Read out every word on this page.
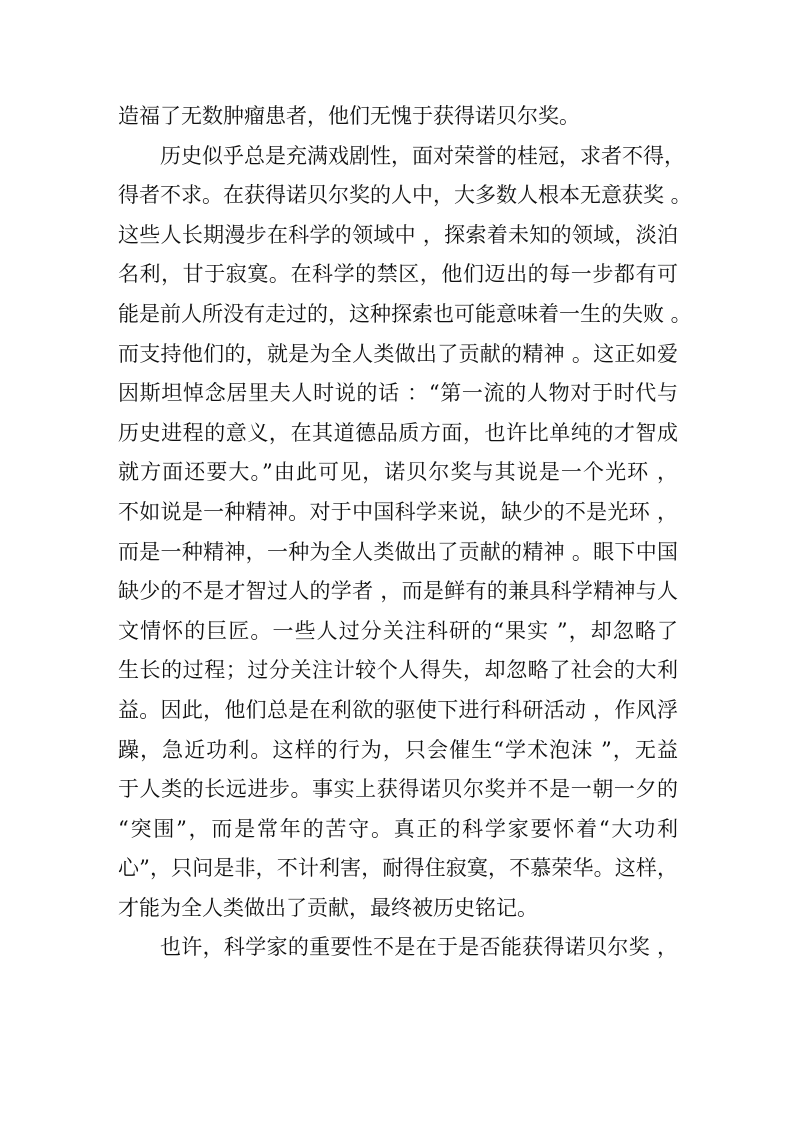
造福了无数肿瘤患者，他们无愧于获得诺贝尔奖。
历史似乎总是充满戏剧性，面对荣誉的桂冠，求者不得，
得者不求。在获得诺贝尔奖的人中，大多数人根本无意获奖 。
这些人长期漫步在科学的领域中 ，探索着未知的领域，淡泊
名利，甘于寂寞。在科学的禁区，他们迈出的每一步都有可
能是前人所没有走过的，这种探索也可能意味着一生的失败 。
而支持他们的，就是为全人类做出了贡献的精神 。这正如爱
因斯坦悼念居里夫人时说的话 ：“第一流的人物对于时代与
历史进程的意义，在其道德品质方面，也许比单纯的才智成
就方面还要大。”由此可见，诺贝尔奖与其说是一个光环 ，
不如说是一种精神。对于中国科学来说，缺少的不是光环 ，
而是一种精神，一种为全人类做出了贡献的精神 。眼下中国
缺少的不是才智过人的学者 ，而是鲜有的兼具科学精神与人
文情怀的巨匠。一些人过分关注科研的“果实 ”，却忽略了
生长的过程；过分关注计较个人得失，却忽略了社会的大利
益。因此，他们总是在利欲的驱使下进行科研活动 ，作风浮
躁，急近功利。这样的行为，只会催生“学术泡沫 ”，无益
于人类的长远进步。事实上获得诺贝尔奖并不是一朝一夕的
“突围”，而是常年的苦守。真正的科学家要怀着“大功利
心”，只问是非，不计利害，耐得住寂寞，不慕荣华。这样，
才能为全人类做出了贡献，最终被历史铭记。
也许，科学家的重要性不是在于是否能获得诺贝尔奖 ，
